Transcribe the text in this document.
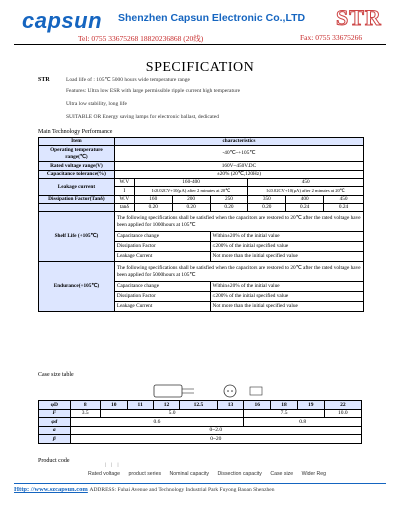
capsun Shenzhen Capsun Electronic Co.,LTD STR
Tel: 0755 33675268 18820236868 (20线)	Fax: 0755 33675266
SPECIFICATION
STR	Load life of : 105℃ 5000 hours wide temperature range
Features: Ultra low ESR with large permissible ripple current high temperature
Ultra low stability, long life
SUITABLE OR Energy saving lamps for electronic ballast, dedicated
Main Technology Performance
Item	characteristics						
Operating temperature range(℃)	-40℃~+105℃						
Rated voltage range(V)	160V~450V.DC						
Capacitance tolerance(%)	±20% (20℃,120Hz)						
Leakage current	W.V	160-400			450		
	I	I≤0.02CV+10(μA) after 2 minutes at 20℃			I≤0.02CV+10(μA) after 2 minutes at 20℃		
Dissipation Factor(Tanδ)	W.V	160	200	250	350	400	450
	tanδ	0.20	0.20	0.20	0.20	0.24	0.24
Shelf Life (+105℃)	The following specifications shall be satisfied when the capacitors are restored to 20℃ after the rated voltage have been applied for 1000hours at 105℃						
	Capacitance change			Within±20% of the initial value			
	Dissipation Factor			≤200% of the initial specified value			
	Leakage Current			Not more than the initial specified value			
Endurance(+105℃)	The following specifications shall be satisfied when the capacitors are restored to 20℃ after the rated voltage have been applied for 5000hours at 105℃						
	Capacitance change			Within±20% of the initial value			
	Dissipation Factor			≤200% of the initial specified value			
	Leakage Current			Not more than the initial specified value			
Case size table
φD	8	10	11	12	12.5	13	16	18	19	22
F	3.5	5.0					7.5			10.0
φd	0.6						0.8			
a	0~2.0									
β	0~20									
Product code
| | |
Rated voltage product series Nominal capacity Dissection capacity Case size Wider Reg
Http: //www.szcapsun.com ADDRESS: Fuhai Avenue and Technology Industrial Park Fuyong Baoan Shenzhen
